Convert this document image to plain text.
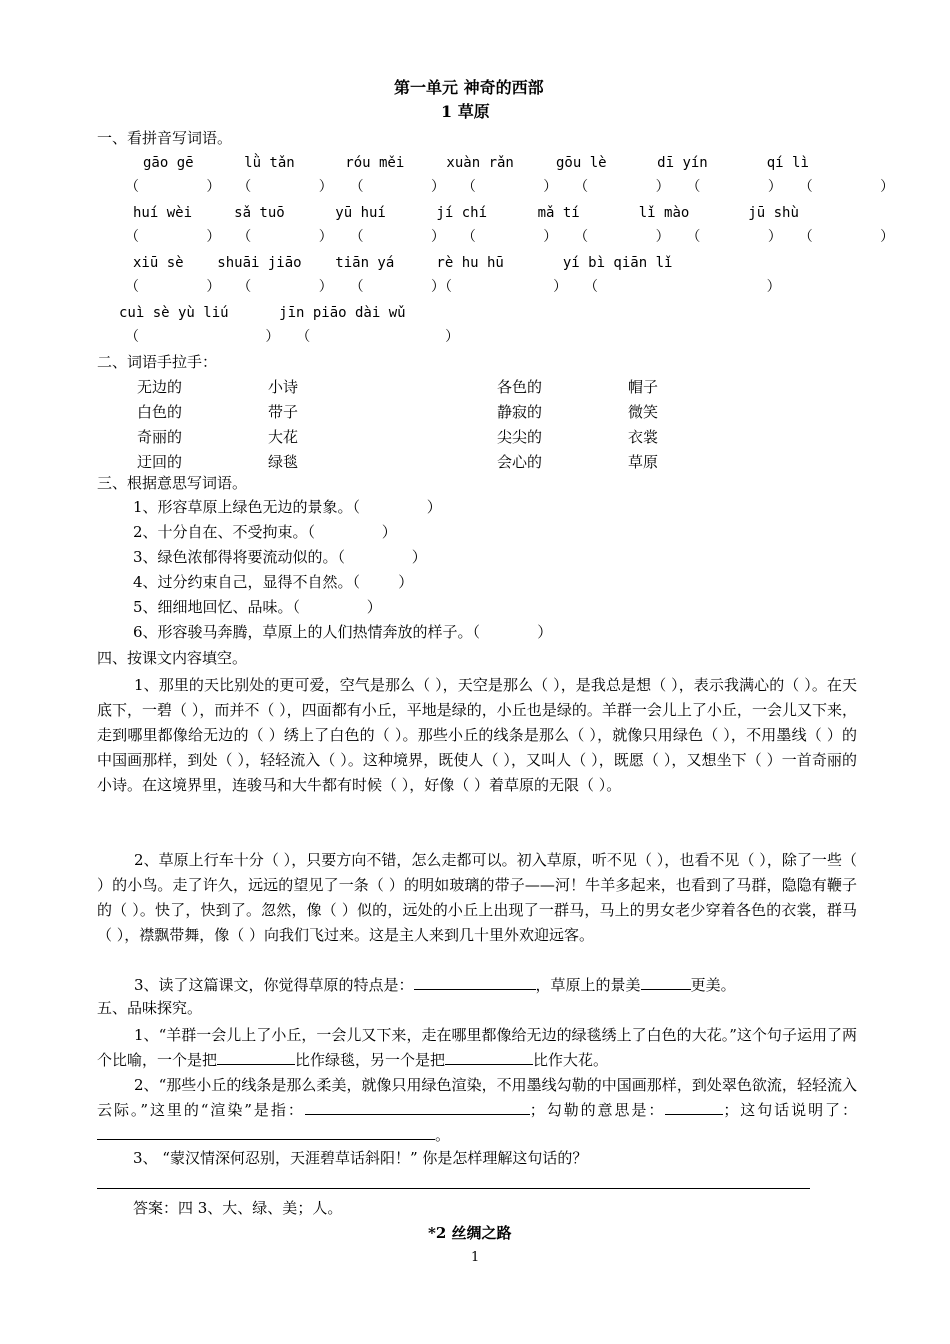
第一单元 神奇的西部
1 草原
一、看拼音写词语。
gāo gē      lǜ tǎn      róu měi     xuàn rǎn     gōu lè      dī yín       qí lì
（        ）  （        ）  （        ）  （        ）  （        ）  （        ）  （        ）
huí wèi     sǎ tuō      yū huí      jí chí      mǎ tí       lǐ mào       jū shù
（        ）  （        ）  （        ）  （        ）  （        ）  （        ）  （        ）
xiū sè    shuāi jiāo    tiān yá     rè hu hū       yí bì qiān lǐ
（        ）  （        ）  （        ）（            ）  （                    ）
cuì sè yù liú      jīn piāo dài wǔ
（               ）  （                ）
二、词语手拉手：
无边的	小诗	各色的	帽子
白色的	带子	静寂的	微笑
奇丽的	大花	尖尖的	衣裳
迂回的	绿毯	会心的	草原
三、根据意思写词语。
1、形容草原上绿色无边的景象。（              ）
2、十分自在、不受拘束。（              ）
3、绿色浓郁得将要流动似的。（              ）
4、过分约束自己，显得不自然。（        ）
5、细细地回忆、品味。（              ）
6、形容骏马奔腾，草原上的人们热情奔放的样子。（            ）
四、按课文内容填空。

1、那里的天比别处的更可爱，空气是那么（ ），天空是那么（ ），是我总是想（ ），表示我满心的（ ）。在天底下，一碧（ ），而并不（ ），四面都有小丘，平地是绿的，小丘也是绿的。羊群一会儿上了小丘，一会儿又下来，走到哪里都像给无边的（ ）绣上了白色的（ ）。那些小丘的线条是那么（ ），就像只用绿色（ ），不用墨线（ ）的中国画那样，到处（ ），轻轻流入（ ）。这种境界，既使人（ ），又叫人（ ），既愿（ ），又想坐下（ ）一首奇丽的小诗。在这境界里，连骏马和大牛都有时候（ ），好像（ ）着草原的无限（ ）。

2、草原上行车十分（ ），只要方向不错，怎么走都可以。初入草原，听不见（ ），也看不见（ ），除了一些（ ）的小鸟。走了许久，远远的望见了一条（ ）的明如玻璃的带子——河！牛羊多起来，也看到了马群，隐隐有鞭子的（ ）。快了，快到了。忽然，像（ ）似的，远处的小丘上出现了一群马，马上的男女老少穿着各色的衣裳，群马（ ），襟飘带舞，像（ ）向我们飞过来。这是主人来到几十里外欢迎远客。

3、读了这篇课文，你觉得草原的特点是：	，草原上的景美	更美。

五、品味探究。

1、“羊群一会儿上了小丘，一会儿又下来，走在哪里都像给无边的绿毯绣上了白色的大花。”这个句子运用了两个比喻，一个是把	比作绿毯，另一个是把	比作大花。

2、“那些小丘的线条是那么柔美，就像只用绿色渲染，不用墨线勾勒的中国画那样，到处翠色欲流，轻轻流入云际。”这里的“渲染”是指：	；勾勒的意思是：	；这句话说明了：。

3、 “蒙汉情深何忍别，天涯碧草话斜阳！” 你是怎样理解这句话的？
答案：四 3、大、绿、美；人。
*2 丝绸之路
1
